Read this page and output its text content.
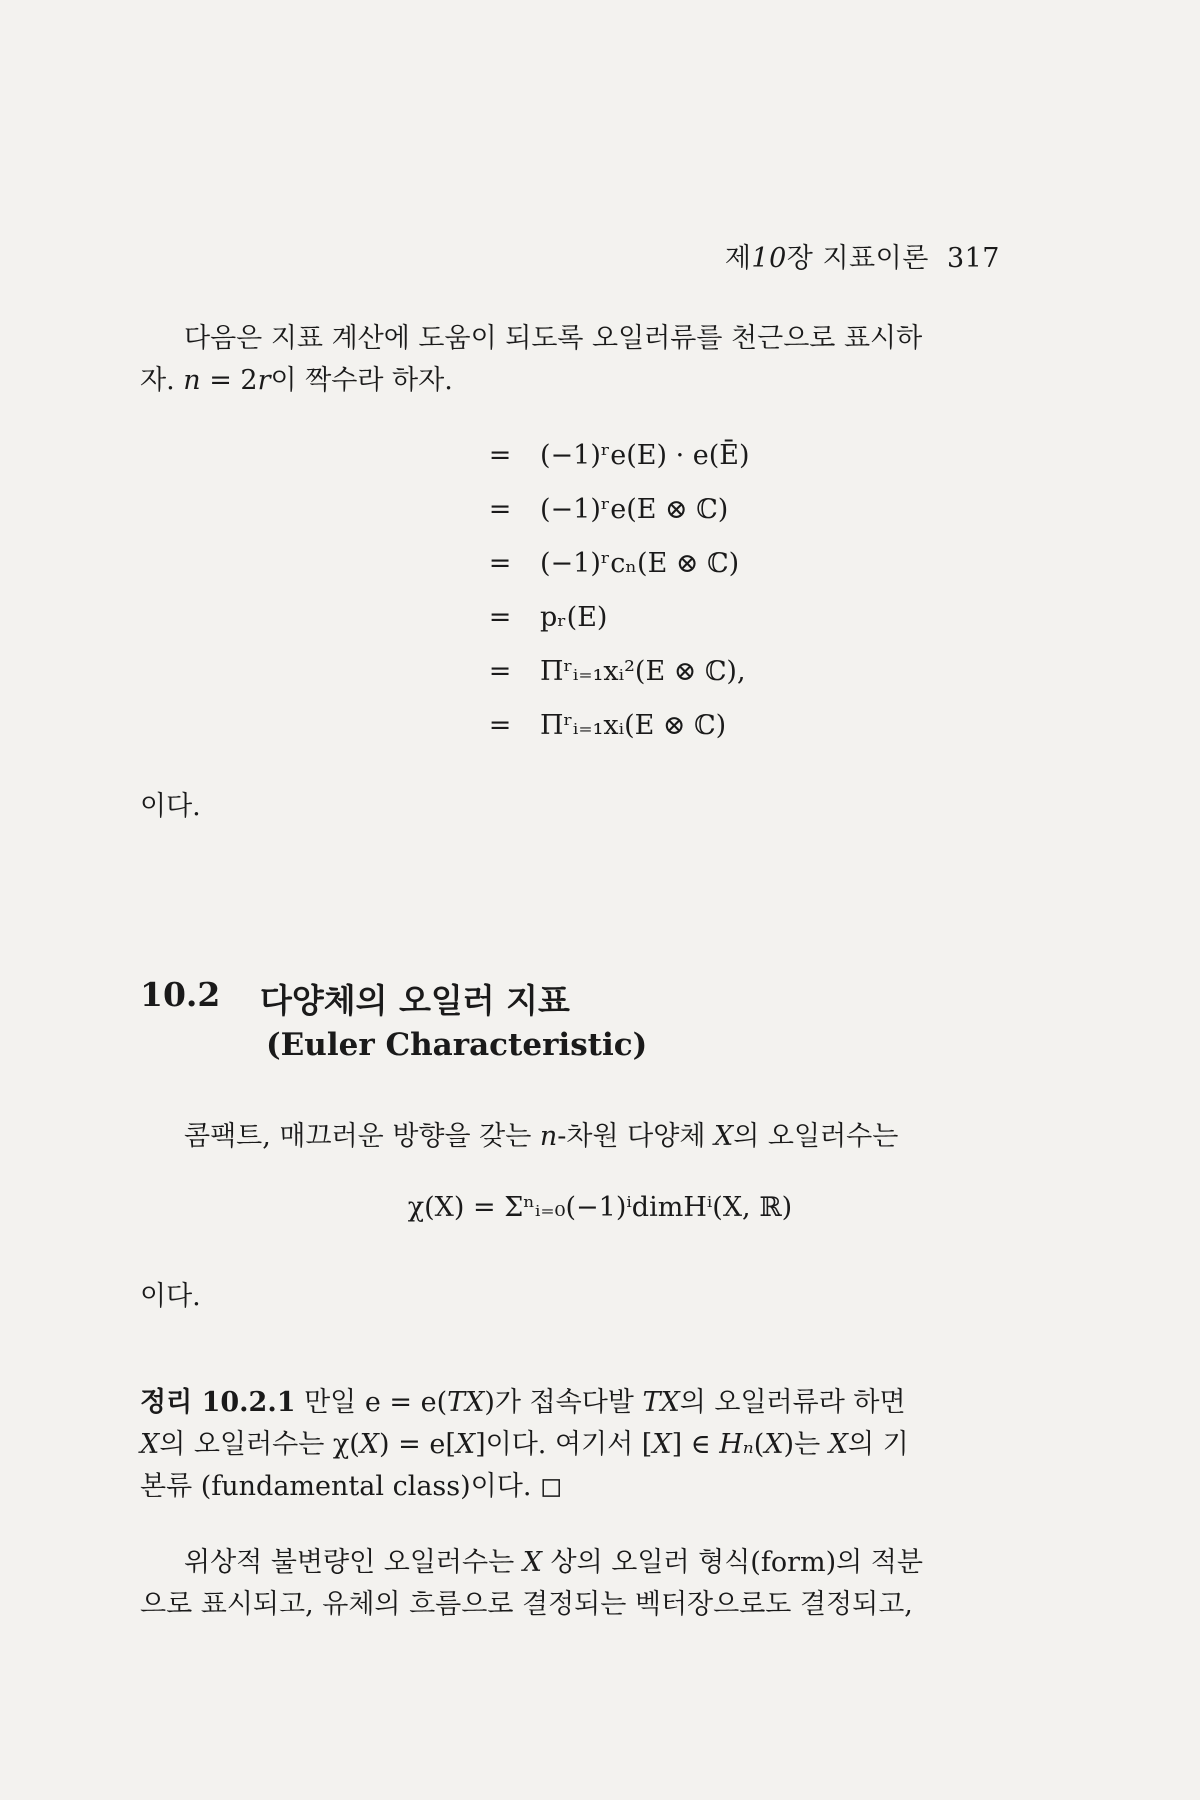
제10장 지표이론 317
다음은 지표 계산에 도움이 되도록 오일러류를 천근으로 표시하
자. n = 2r이 짝수라 하자.
= (−1)ʳe(E) · e(Ē)
= (−1)ʳe(E ⊗ ℂ)
= (−1)ʳcₙ(E ⊗ ℂ)
= pᵣ(E)
= Πʳᵢ₌₁xᵢ²(E ⊗ ℂ),
= Πʳᵢ₌₁xᵢ(E ⊗ ℂ)
이다.
10.2 다양체의 오일러 지표
(Euler Characteristic)
콤팩트, 매끄러운 방향을 갖는 n-차원 다양체 X의 오일러수는
χ(X) = Σⁿᵢ₌₀(−1)ⁱdimHⁱ(X, ℝ)
이다.
정리 10.2.1 만일 e = e(TX)가 접속다발 TX의 오일러류라 하면
X의 오일러수는 χ(X) = e[X]이다. 여기서 [X] ∈ Hₙ(X)는 X의 기
본류 (fundamental class)이다. ◻
위상적 불변량인 오일러수는 X 상의 오일러 형식(form)의 적분
으로 표시되고, 유체의 흐름으로 결정되는 벡터장으로도 결정되고,
